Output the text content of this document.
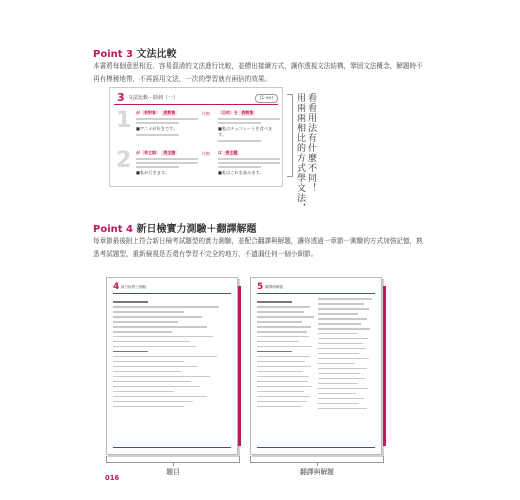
Point 3 文法比較
本書將每個意思相近、容易混淆的文法進行比較，並標出接續方式，讓你透視文法結構，鞏固文法概念，解題時不再有模稜地帶，不再誤用文法，一次的學習就有兩倍的效果。
3 文法比較－助詞（一）	(1-xx)
1 が〔表對象〕 表對象
■アニメが好きです。
比較 〔目的〕を 表對象
■私はチョコレートを食べます。
2 が〔表主語〕 表主語
■私が行きます。
比較 は 表主題
■私はこれを読みます。	用兩兩相比的方式學文法， 看看用法有什麼不同！
Point 4 新日檢實力測驗＋翻譯解題
每章節最後附上符合新日檢考試題型的實力測驗，並配合翻譯與解題，讓你透過一章節一測驗的方式加強記憶，熟悉考試題型，重新檢視是否還有學習不完全的地方，不遺漏任何一個小細節。
4 新日檢實力測驗	5 翻譯與解題
題目	翻譯與解題
016
